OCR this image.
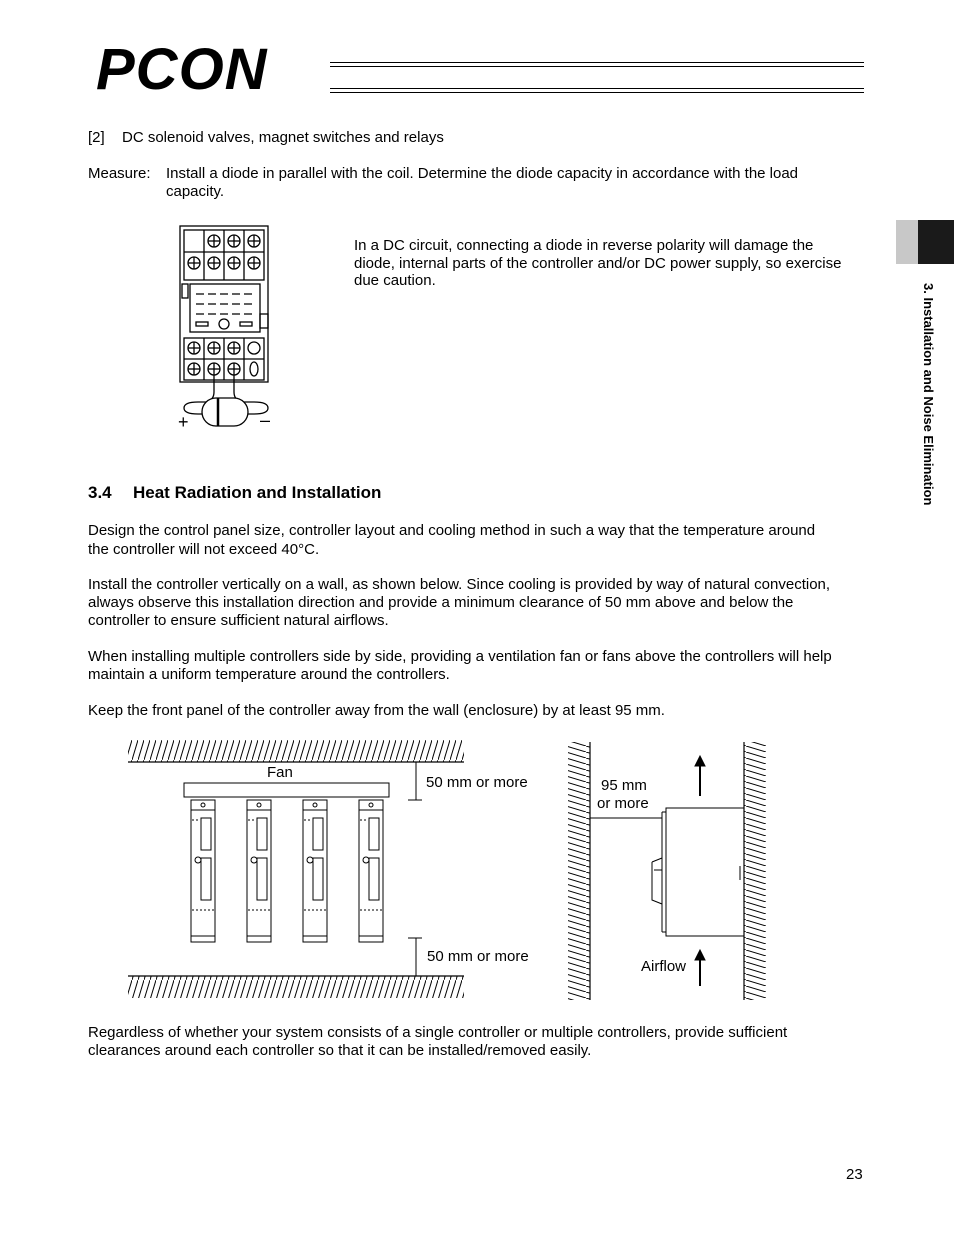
PCON
3. Installation and Noise Elimination
[2] DC solenoid valves, magnet switches and relays
Measure: Install a diode in parallel with the coil. Determine the diode capacity in accordance with the load
capacity.
+	–
In a DC circuit, connecting a diode in reverse polarity will damage the
diode, internal parts of the controller and/or DC power supply, so exercise
due caution.
3.4 Heat Radiation and Installation
Design the control panel size, controller layout and cooling method in such a way that the temperature around
the controller will not exceed 40°C.
Install the controller vertically on a wall, as shown below. Since cooling is provided by way of natural convection,
always observe this installation direction and provide a minimum clearance of 50 mm above and below the
controller to ensure sufficient natural airflows.
When installing multiple controllers side by side, providing a ventilation fan or fans above the controllers will help
maintain a uniform temperature around the controllers.
Keep the front panel of the controller away from the wall (enclosure) by at least 95 mm.
Fan
50 mm or more
50 mm or more
95 mm
or more
Airflow
Regardless of whether your system consists of a single controller or multiple controllers, provide sufficient
clearances around each controller so that it can be installed/removed easily.
23
